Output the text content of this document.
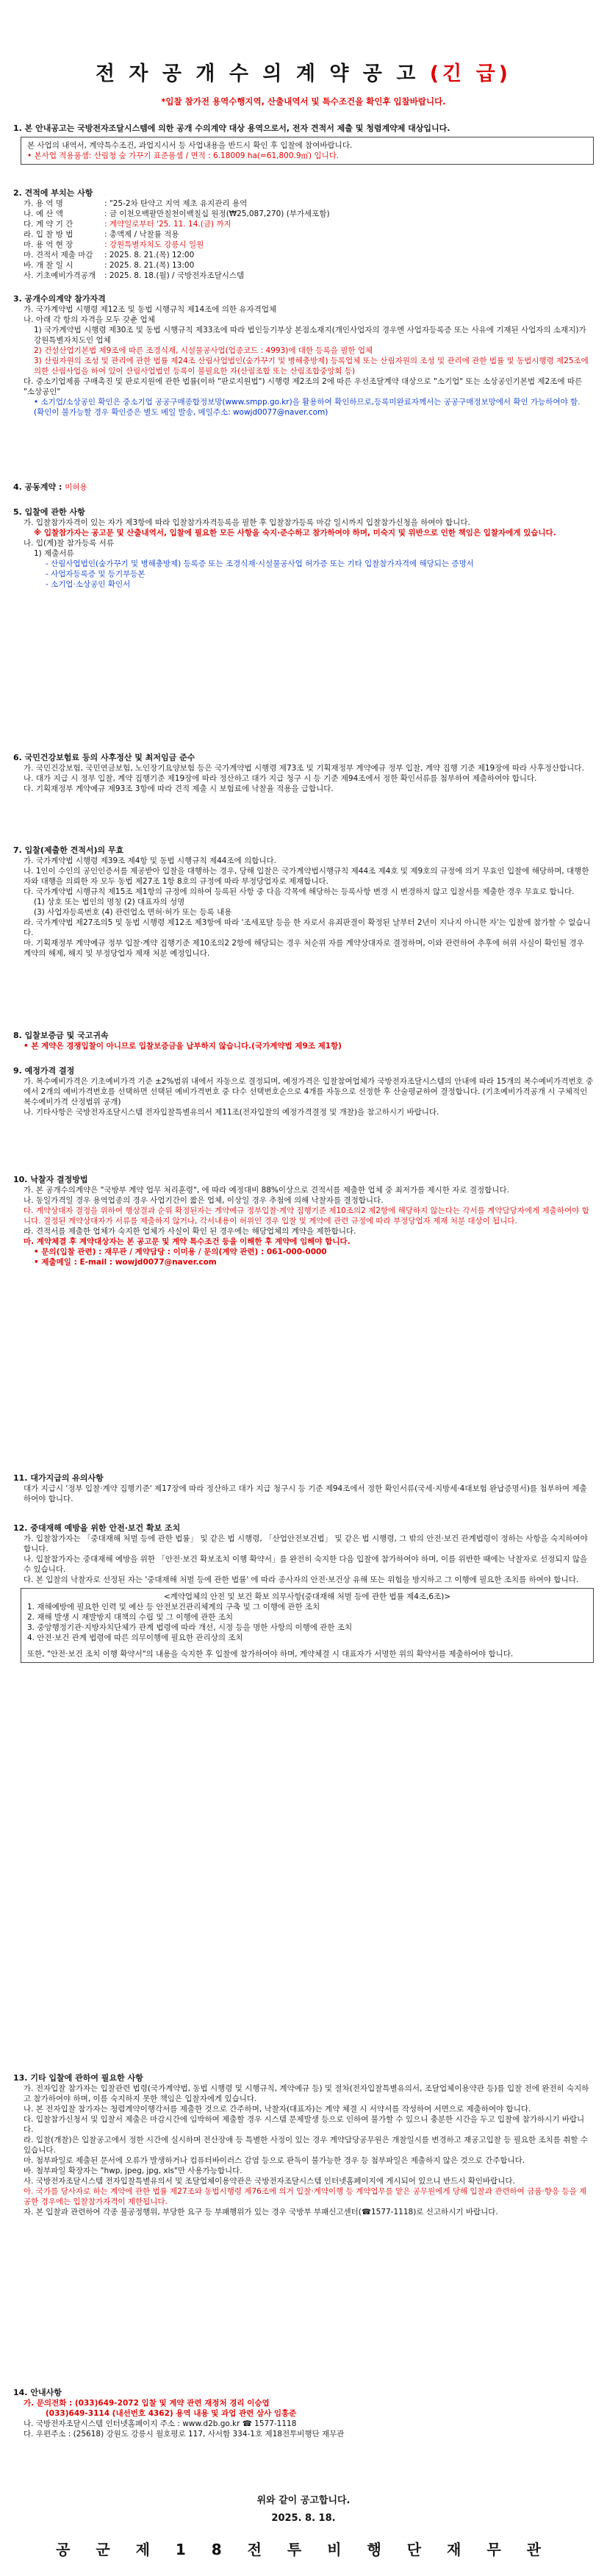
전 자 공 개 수 의 계 약 공 고 (긴 급)
*입찰 참가전 용역수행지역, 산출내역서 및 특수조건을 확인후 입찰바랍니다.
1. 본 안내공고는 국방전자조달시스템에 의한 공개 수의계약 대상 용역으로서, 전자 견적서 제출 및 청렴계약제 대상입니다.
본 사업의 내역서, 계약특수조건, 과업지시서 등 사업내용을 반드시 확인 후 입찰에 참여바랍니다.
• 본사업 적용품셈: 산림청 숲 가꾸기 표준품셈 / 면적 : 6.18009 ha(=61,800.9㎡) 입니다.
2. 견적에 부치는 사항
가. 용 역 명	: "25-2차 탄약고 지역 제초 유지관리 용역
나. 예 산 액	: 금 이천오백팔만칠천이백칠십 원정(₩25,087,270) (부가세포함)
다. 계 약 기 간	: 계약일로부터 '25. 11. 14.(금) 까지
라. 입 찰 방 법	: 총액제 / 낙찰률 적용
마. 용 역 현 장	: 강원특별자치도 강릉시 일원
마. 견적서 제출 마감	: 2025. 8. 21.(목) 12:00
바. 개 찰 일 시	: 2025. 8. 21.(목) 13:00
사. 기초예비가격공개	: 2025. 8. 18.(월) / 국방전자조달시스템
3. 공개수의계약 참가자격
가. 국가계약법 시행령 제12조 및 동법 시행규칙 제14조에 의한 유자격업체
나. 아래 각 항의 자격을 모두 갖춘 업체
1) 국가계약법 시행령 제30조 및 동법 시행규칙 제33조에 따라 법인등기부상 본점소재지(개인사업자의 경우엔 사업자등록증 또는 사유에 기재된 사업자의 소재지)가 강원특별자치도인 업체
2) 건설산업기본법 제9조에 따른 조경식재, 시설물공사업(업종코드 : 4993)에 대한 등록을 필한 업체
3) 산림자원의 조성 및 관리에 관한 법률 제24조 산림사업법인(숲가꾸기 및 병해충방제) 등록업체 또는 산림자원의 조성 및 관리에 관한 법률 및 동법시행령 제25조에 의한 산림사업을 하여 있어 산림사업법인 등록이 불필요한 자(산림조합 또는 산림조합중앙회 등)
다. 중소기업제품 구매촉진 및 판로지원에 관한 법률(이하 "판로지원법") 시행령 제2조의 2에 따른 우선조달계약 대상으로 "소기업" 또는 소상공인기본법 제2조에 따른 "소상공인"
• 소기업/소상공인 확인은 중소기업 공공구매종합정보망(www.smpp.go.kr)을 활용하여 확인하므로,등록미완료자께서는 공공구매정보망에서 확인 가능하여야 함.
(확인이 불가능할 경우 확인증은 별도 메일 발송, 메일주소: wowjd0077@naver.com)
4. 공동계약 : 미허용
5. 입찰에 관한 사항
가. 입찰참가자격이 있는 자가 제3항에 따라 입찰참가자격등록을 필한 후 입찰참가등록 마감 일시까지 입찰참가신청을 하여야 합니다.
※ 입찰참가자는 공고문 및 산출내역서, 입찰에 필요한 모든 사항을 숙지·준수하고 참가하여야 하며, 미숙지 및 위반으로 인한 책임은 입찰자에게 있습니다.
나. 입(계)찰 참가등록 서류
1) 제출서류
- 산림사업법인(숲가꾸기 및 병해충방제) 등록증 또는 조경식재·시설물공사업 허가증 또는 기타 입찰참가자격에 해당되는 증명서
- 사업자등록증 및 등기부등본
- 소기업·소상공인 확인서
6. 국민건강보험료 등의 사후정산 및 최저임금 준수
가. 국민건강보험, 국민연금보험, 노인장기요양보험 등은 국가계약법 시행령 제73조 및 기획재정부 계약예규 정부 입찰, 계약 집행 기준 제19장에 따라 사후정산합니다.
나. 대가 지급 시 정부 입찰, 계약 집행기준 제19장에 따라 정산하고 대가 지급 청구 시 등 기준 제94조에서 정한 확인서류를 첨부하여 제출하여야 합니다.
다. 기획재정부 계약예규 제93조 3항에 따라 견적 제출 시 보험료에 낙찰율 적용을 급합니다.
7. 입찰(제출한 견적서)의 무효
가. 국가계약법 시행령 제39조 제4항 및 동법 시행규칙 제44조에 의합니다.
나. 1인이 수인의 공인인증서를 제공받아 입찰을 대행하는 경우, 당해 입찰은 국가계약법시행규칙 제44조 제4호 및 제9호의 규정에 의거 무효인 입찰에 해당하며, 대행한 자와 대행을 의뢰한 자 모두 동법 제27조 1항 8호의 규정에 따라 부정당업자로 제재합니다.
다. 국가계약법 시행규칙 제15조 제1항의 규정에 의하여 등록된 사항 중 다음 각목에 해당하는 등록사항 변경 시 변경하지 않고 입찰서를 제출한 경우 무효로 합니다.
(1) 상호 또는 법인의 명칭 (2) 대표자의 성명
(3) 사업자등록번호 (4) 관련업소 면허·허가 또는 등록 내용
라. 국가계약법 제27조의5 및 동법 시행령 제12조 제3항에 따라 '조세포탈 등을 한 자로서 유죄판결이 확정된 날부터 2년이 지나지 아니한 자'는 입찰에 참가할 수 없습니다.
마. 기획재정부 계약예규 정부 입찰·계약 집행기준 제10조의2 2항에 해당되는 경우 처순위 자를 계약상대자로 결정하며, 이와 관련하여 추후에 허위 사실이 확인될 경우 계약의 해제, 해지 및 부정당업자 제재 처분 예정입니다.
8. 입찰보증금 및 국고귀속
• 본 계약은 경쟁입찰이 아니므로 입찰보증금을 납부하지 않습니다.(국가계약법 제9조 제1항)
9. 예정가격 결정
가. 복수예비가격은 기초예비가격 기준 ±2%범위 내에서 자동으로 결정되며, 예정가격은 입찰참여업체가 국방전자조달시스템의 안내에 따라 15개의 복수예비가격번호 중에서 2개의 예비가격번호를 선택하면 선택된 예비가격번호 중 다수 선택번호순으로 4개를 자동으로 선정한 후 산술평균하여 결정합니다. (기초예비가격공개 시 구체적인 복수예비가격 산정범위 공개)
나. 기타사항은 국방전자조달시스템 전자입찰특별유의서 제11조(전자입찰의 예정가격결정 및 개찰)을 참고하시기 바랍니다.
10. 낙찰자 결정방법
가. 본 공개수의계약은 "국방부 계약 업무 처리훈령", 에 따라 예정대비 88%이상으로 견적서를 제출한 업체 중 최저가를 제시한 자로 결정합니다.
나. 동일가격일 경우 용역업종의 경우 사업기간이 짧은 업체, 이상일 경우 추첨에 의해 낙찰자를 결정합니다.
다. 계약상대자 결정을 위하여 행상결과 순위 확정된자는 계약예규 정부입찰·계약 집행기준 제10조의2 제2항에 해당하지 않는다는 각서를 계약담당자에게 제출하여야 합니다. 결정된 계약상대자가 서류를 제출하지 않거나, 각서내용이 허위인 경우 입찰 및 계약에 관련 규정에 따라 부정당업자 제재 처분 대상이 됩니다.
라. 견적서를 제출한 업체가 숙지한 업체가 사실이 확인 된 경우에는 해당업체의 계약을 제한합니다.
마. 계약체결 후 계약대상자는 본 공고문 및 계약 특수조건 등을 이해한 후 계약에 임해야 합니다.
• 문의(입찰 관련) : 재무관 / 계약담당 : 이미용 / 문의(계약 관련) : 061-000-0000
• 제출메일 : E-mail : wowjd0077@naver.com
11. 대가지급의 유의사항
대가 지급시 '정부 입찰·계약 집행기준' 제17장에 따라 정산하고 대가 지급 청구시 등 기준 제94조에서 정한 확인서류(국세·지방세·4대보험 완납증명서)를 첨부하여 제출하여야 합니다.
12. 중대재해 예방을 위한 안전·보건 확보 조치
가. 입찰참가자는 「중대재해 처벌 등에 관한 법률」 및 같은 법 시행령, 「산업안전보건법」 및 같은 법 시행령, 그 밖의 안전·보건 관계법령이 정하는 사항을 숙지하여야 합니다.
나. 입찰참가자는 중대재해 예방을 위한 「안전·보건 확보조치 이행 확약서」를 완전히 숙지한 다음 입찰에 참가하여야 하며, 이를 위반한 때에는 낙찰자로 선정되지 않을 수 있습니다.
다. 본 입찰의 낙찰자로 선정된 자는 '중대재해 처벌 등에 관한 법률' 에 따라 종사자의 안전·보건상 유해 또는 위험을 방지하고 그 이행에 필요한 조치를 하여야 합니다.
<계약업체의 안전 및 보건 확보 의무사항(중대재해 처벌 등에 관한 법률 제4조,6조)>
1. 재해예방에 필요한 인력 및 예산 등 안전보건관리체계의 구축 및 그 이행에 관한 조치
2. 재해 발생 시 재발방지 대책의 수립 및 그 이행에 관한 조치
3. 중앙행정기관·지방자치단체가 관계 법령에 따라 개선, 시정 등을 명한 사항의 이행에 관한 조치
4. 안전·보건 관계 법령에 따른 의무이행에 필요한 관리상의 조치
또한, "안전·보건 조치 이행 확약서"의 내용을 숙지한 후 입찰에 참가하여야 하며, 계약체결 시 대표자가 서명한 위의 확약서를 제출하여야 합니다.
13. 기타 입찰에 관하여 필요한 사항
가. 전자입찰 참가자는 입찰관련 법령(국가계약법, 동법 시행령 및 시행규칙, 계약예규 등) 및 절차(전자입찰특별유의서, 조달업체이용약관 등)를 입찰 전에 완전히 숙지하고 참가하여야 하며, 이를 숙지하지 못한 책임은 입찰자에게 있습니다.
나. 본 전자입찰 참가자는 청렴계약이행각서를 제출한 것으로 간주하며, 낙찰자(대표자)는 계약 체결 시 서약서를 작성하여 서면으로 제출하여야 합니다.
다. 입찰참가신청서 및 입찰서 제출은 마감시간에 임박하여 제출할 경우 시스템 문제발생 등으로 인하여 불가할 수 있으니 충분한 시간을 두고 입찰에 참가하시기 바랍니다.
라. 입찰(개찰)은 입찰공고에서 정한 시간에 실시하며 전산장애 등 특별한 사정이 있는 경우 계약담당공무원은 개찰일시를 변경하고 재공고입찰 등 필요한 조치를 취할 수 있습니다.
마. 첨부파일로 제출된 문서에 오류가 발생하거나 컴퓨터바이러스 감염 등으로 판독이 불가능한 경우 등 첨부파일은 제출하지 않은 것으로 간주합니다.
바. 첨부파일 확장자는 "hwp, jpeg, jpg, xls"만 사용가능합니다.
사. 국방전자조달시스템 전자입찰특별유의서 및 조달업체이용약관은 국방전자조달시스템 인터넷홈페이지에 게시되어 있으니 반드시 확인바랍니다.
아. 국가를 당사자로 하는 계약에 관한 법률 제27조와 동법시행령 제76조에 의거 입찰·계약이행 등 계약업무를 맡은 공무원에게 당해 입찰과 관련하여 금품·향응 등을 제공한 경우에는 입찰참가자격이 제한됩니다.
자. 본 입찰과 관련하여 각종 불공정행위, 부당한 요구 등 부패행위가 있는 경우 국방부 부패신고센터(☎1577-1118)로 신고하시기 바랍니다.
14. 안내사항
가. 문의전화 : (033)649-2072 입찰 및 계약 관련 재정처 경리 이승엽
(033)649-3114 (내선번호 4362) 용역 내용 및 과업 관련 삼사 임흥준
나. 국방전자조달시스템 인터넷홈페이지 주소 : www.d2b.go.kr ☎ 1577-1118
다. 우편주소 : (25618) 강원도 강릉시 월호평로 117, 사서함 334-1호 제18전투비행단 재무관
위와 같이 공고합니다.
2025. 8. 18.
공 군 제 1 8 전 투 비 행 단 재 무 관
